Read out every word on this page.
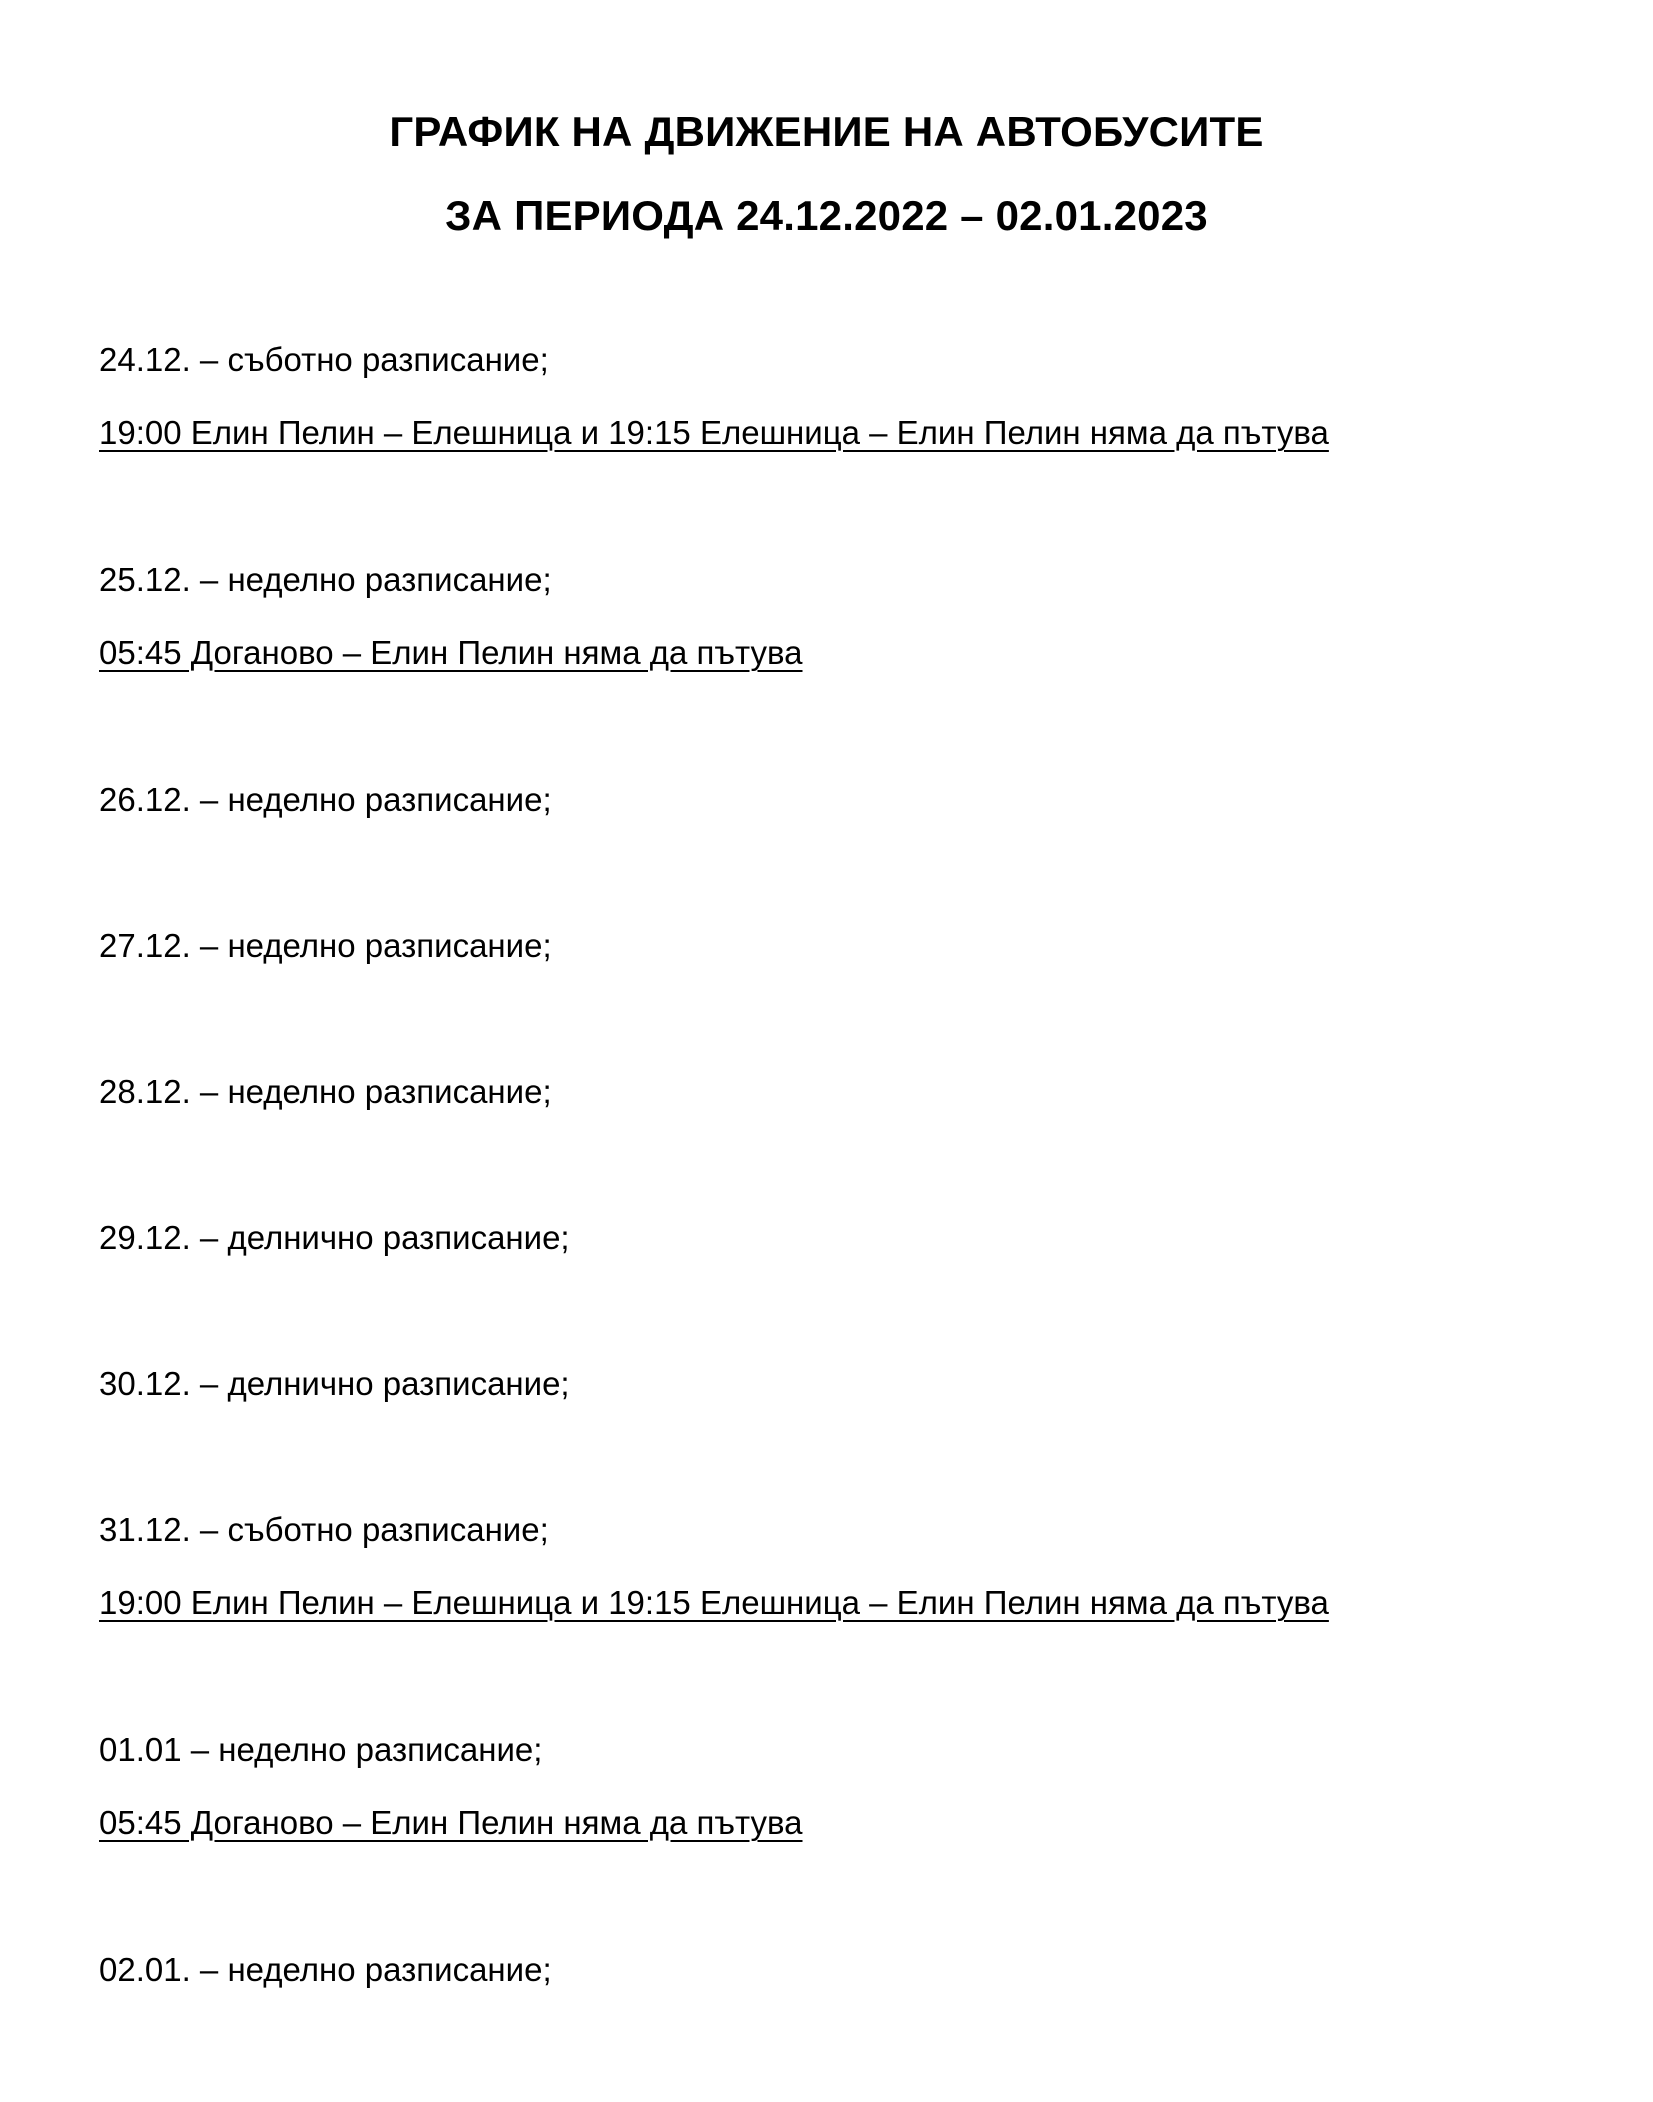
ГРАФИК НА ДВИЖЕНИЕ НА АВТОБУСИТЕ
ЗА ПЕРИОДА 24.12.2022 – 02.01.2023
24.12. – съботно разписание;
19:00 Елин Пелин – Елешница и 19:15 Елешница – Елин Пелин няма да пътува
25.12. – неделно разписание;
05:45 Доганово – Елин Пелин няма да пътува
26.12. – неделно разписание;
27.12. – неделно разписание;
28.12. – неделно разписание;
29.12. – делнично разписание;
30.12. – делнично разписание;
31.12. – съботно разписание;
19:00 Елин Пелин – Елешница и 19:15 Елешница – Елин Пелин няма да пътува
01.01 – неделно разписание;
05:45 Доганово – Елин Пелин няма да пътува
02.01. – неделно разписание;
